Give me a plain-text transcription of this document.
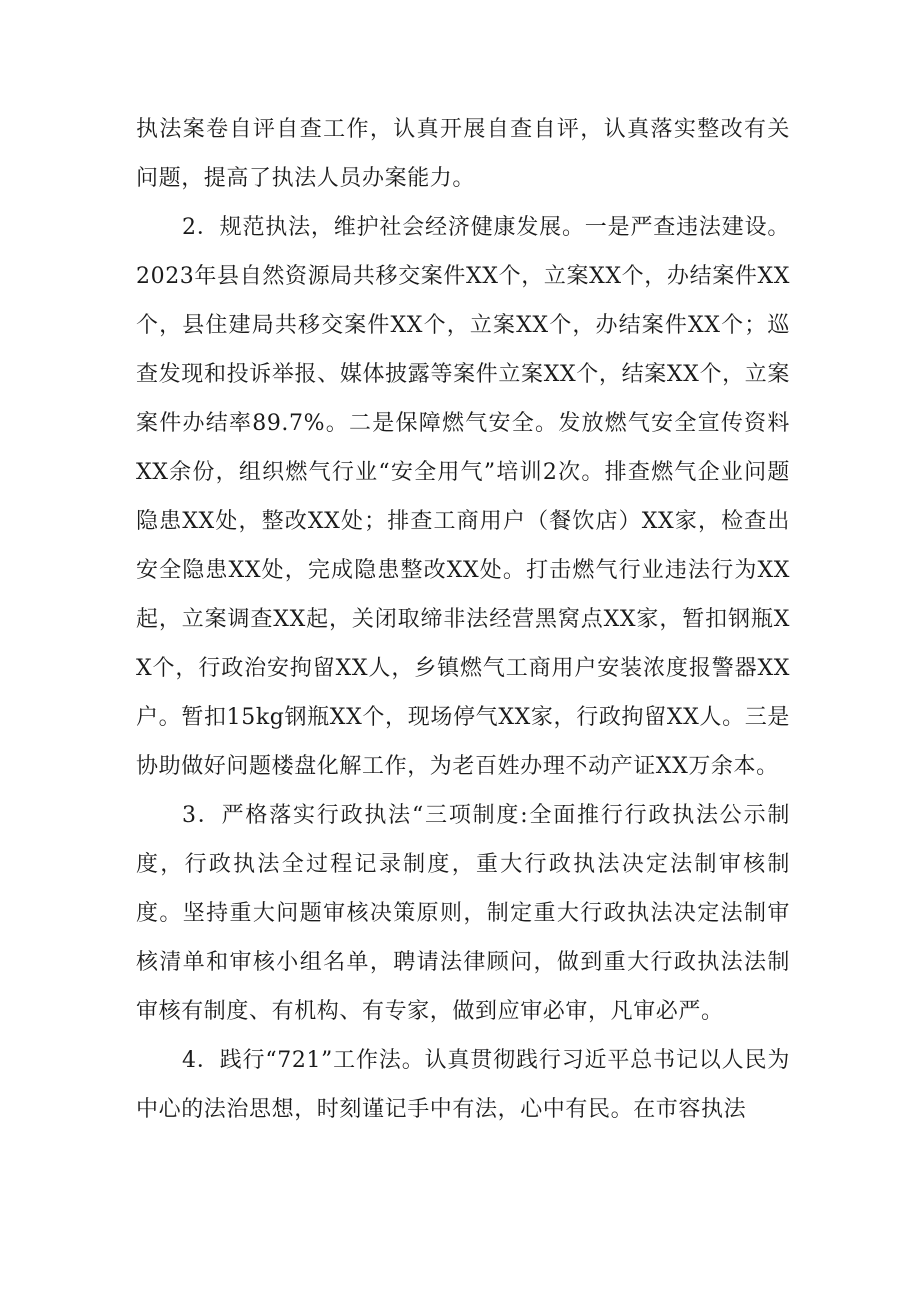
执法案卷自评自查工作，认真开展自查自评，认真落实整改有关问题，提高了执法人员办案能力。

2．规范执法，维护社会经济健康发展。一是严查违法建设。2023年县自然资源局共移交案件XX个，立案XX个，办结案件XX个，县住建局共移交案件XX个，立案XX个，办结案件XX个；巡查发现和投诉举报、媒体披露等案件立案XX个，结案XX个，立案案件办结率89.7%。二是保障燃气安全。发放燃气安全宣传资料XX余份，组织燃气行业“安全用气”培训2次。排查燃气企业问题隐患XX处，整改XX处；排查工商用户（餐饮店）XX家，检查出安全隐患XX处，完成隐患整改XX处。打击燃气行业违法行为XX起，立案调查XX起，关闭取缔非法经营黑窝点XX家，暂扣钢瓶XX个，行政治安拘留XX人，乡镇燃气工商用户安装浓度报警器XX户。暂扣15kg钢瓶XX个，现场停气XX家，行政拘留XX人。三是协助做好问题楼盘化解工作，为老百姓办理不动产证XX万余本。

3．严格落实行政执法“三项制度:全面推行行政执法公示制度，行政执法全过程记录制度，重大行政执法决定法制审核制度。坚持重大问题审核决策原则，制定重大行政执法决定法制审核清单和审核小组名单，聘请法律顾问，做到重大行政执法法制审核有制度、有机构、有专家，做到应审必审，凡审必严。

4．践行“721”工作法。认真贯彻践行习近平总书记以人民为中心的法治思想，时刻谨记手中有法，心中有民。在市容执法
